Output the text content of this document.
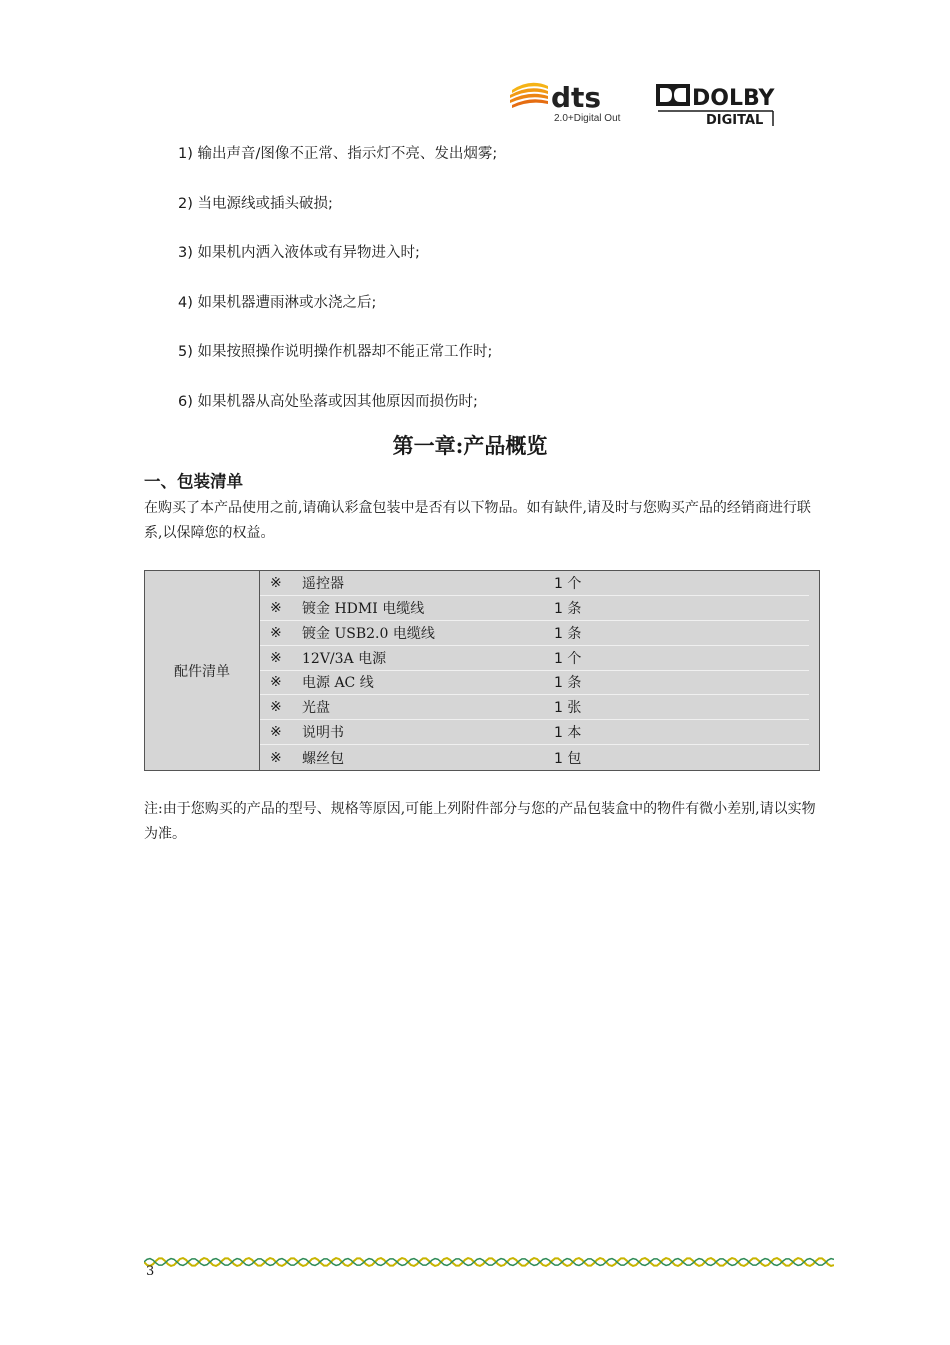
dts
2.0+Digital Out
DOLBY
DIGITAL
1) 输出声音/图像不正常、指示灯不亮、发出烟雾;
2) 当电源线或插头破损;
3) 如果机内洒入液体或有异物进入时;
4) 如果机器遭雨淋或水浇之后;
5) 如果按照操作说明操作机器却不能正常工作时;
6) 如果机器从高处坠落或因其他原因而损伤时;
第一章:产品概览
一、包装清单

在购买了本产品使用之前,请确认彩盒包装中是否有以下物品。如有缺件,请及时与您购买产品的经销商进行联系,以保障您的权益。

配件清单
※	遥控器	1 个
※	镀金 HDMI 电缆线	1 条
※	镀金 USB2.0 电缆线	1 条
※	12V/3A 电源	1 个
※	电源 AC 线	1 条
※	光盘	1 张
※	说明书	1 本
※	螺丝包	1 包

注:由于您购买的产品的型号、规格等原因,可能上列附件部分与您的产品包装盒中的物件有微小差别,请以实物为准。

3
